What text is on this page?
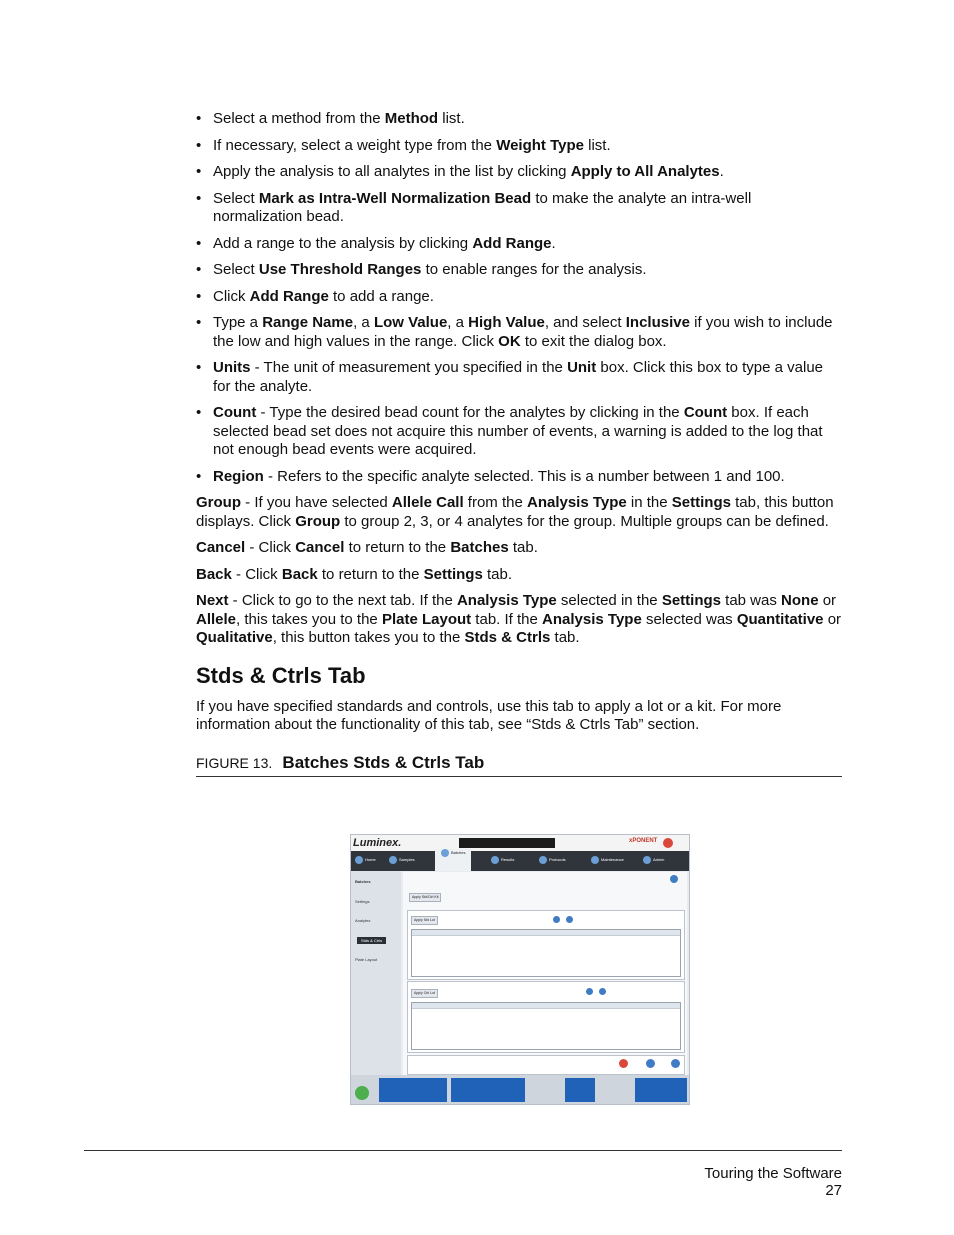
• Select a method from the Method list.
• If necessary, select a weight type from the Weight Type list.
• Apply the analysis to all analytes in the list by clicking Apply to All Analytes.
• Select Mark as Intra-Well Normalization Bead to make the analyte an intra-well normalization bead.
• Add a range to the analysis by clicking Add Range.
• Select Use Threshold Ranges to enable ranges for the analysis.
• Click Add Range to add a range.
• Type a Range Name, a Low Value, a High Value, and select Inclusive if you wish to include the low and high values in the range. Click OK to exit the dialog box.
• Units - The unit of measurement you specified in the Unit box. Click this box to type a value for the analyte.
• Count - Type the desired bead count for the analytes by clicking in the Count box. If each selected bead set does not acquire this number of events, a warning is added to the log that not enough bead events were acquired.
• Region - Refers to the specific analyte selected. This is a number between 1 and 100.

Group - If you have selected Allele Call from the Analysis Type in the Settings tab, this button displays. Click Group to group 2, 3, or 4 analytes for the group. Multiple groups can be defined.

Cancel - Click Cancel to return to the Batches tab.

Back - Click Back to return to the Settings tab.

Next - Click to go to the next tab. If the Analysis Type selected in the Settings tab was None or Allele, this takes you to the Plate Layout tab. If the Analysis Type selected was Quantitative or Qualitative, this button takes you to the Stds & Ctrls tab.

Stds & Ctrls Tab

If you have specified standards and controls, use this tab to apply a lot or a kit. For more information about the functionality of this tab, see “Stds & Ctrls Tab” section.

FIGURE 13. Batches Stds & Ctrls Tab
Luminex.	xPONENT
Home	Samples
Batches
Results	Protocols	Maintenance	Admin
Batches
Settings
Analytes
Stds & Ctrls
Plate Layout
Apply Std/Ctrl Kit
Apply Std Lot
Apply Ctrl Lot
Touring the Software
27
